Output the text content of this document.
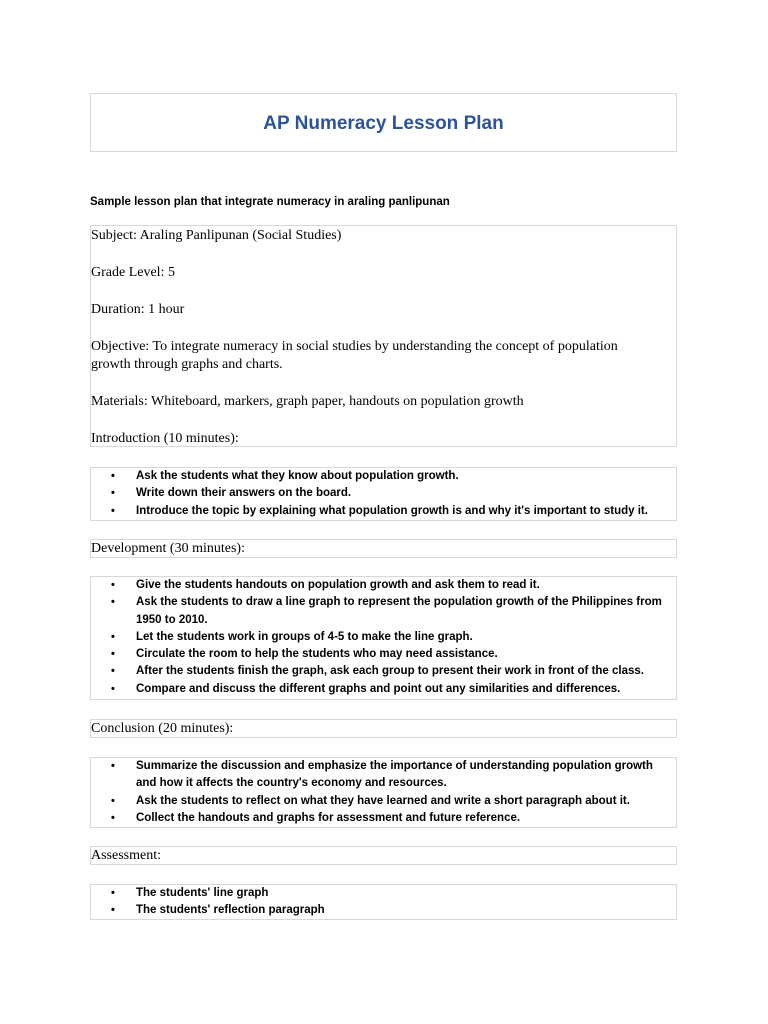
AP Numeracy Lesson Plan

Sample lesson plan that integrate numeracy in araling panlipunan

Subject: Araling Panlipunan (Social Studies)

Grade Level: 5

Duration: 1 hour

Objective: To integrate numeracy in social studies by understanding the concept of population

growth through graphs and charts.

Materials: Whiteboard, markers, graph paper, handouts on population growth

Introduction (10 minutes):

• Ask the students what they know about population growth.
• Write down their answers on the board.
• Introduce the topic by explaining what population growth is and why it's important to study it.

Development (30 minutes):

• Give the students handouts on population growth and ask them to read it.
• Ask the students to draw a line graph to represent the population growth of the Philippines from 1950 to 2010.
• Let the students work in groups of 4-5 to make the line graph.
• Circulate the room to help the students who may need assistance.
• After the students finish the graph, ask each group to present their work in front of the class.
• Compare and discuss the different graphs and point out any similarities and differences.

Conclusion (20 minutes):

• Summarize the discussion and emphasize the importance of understanding population growth and how it affects the country's economy and resources.
• Ask the students to reflect on what they have learned and write a short paragraph about it.
• Collect the handouts and graphs for assessment and future reference.

Assessment:

• The students' line graph
• The students' reflection paragraph
